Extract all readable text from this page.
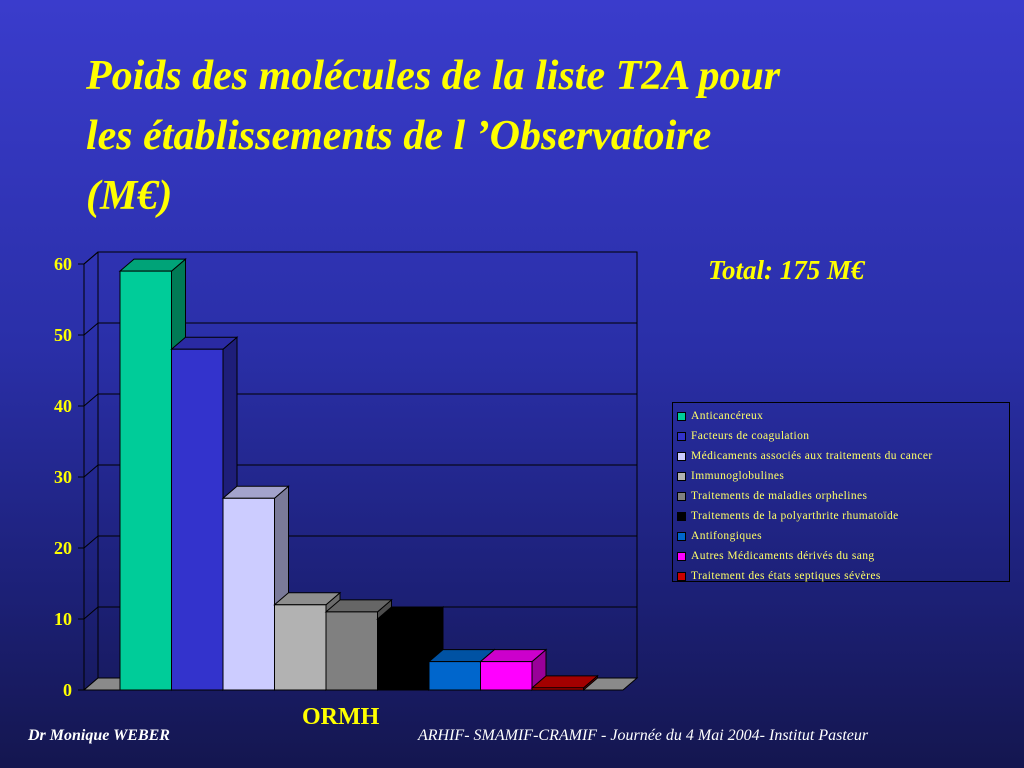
Poids des molécules de la liste T2A pour
les établissements de l ’Observatoire
(M€)
Total: 175 M€
0
10
20
30
40
50
60
Anticancéreux
Facteurs de coagulation
Médicaments associés aux traitements du cancer
Immunoglobulines
Traitements de maladies orphelines
Traitements de la polyarthrite rhumatoïde
Antifongiques
Autres Médicaments dérivés du sang
Traitement des états septiques sévères
ORMH
Dr Monique WEBER	ARHIF- SMAMIF-CRAMIF - Journée du 4 Mai 2004- Institut Pasteur
